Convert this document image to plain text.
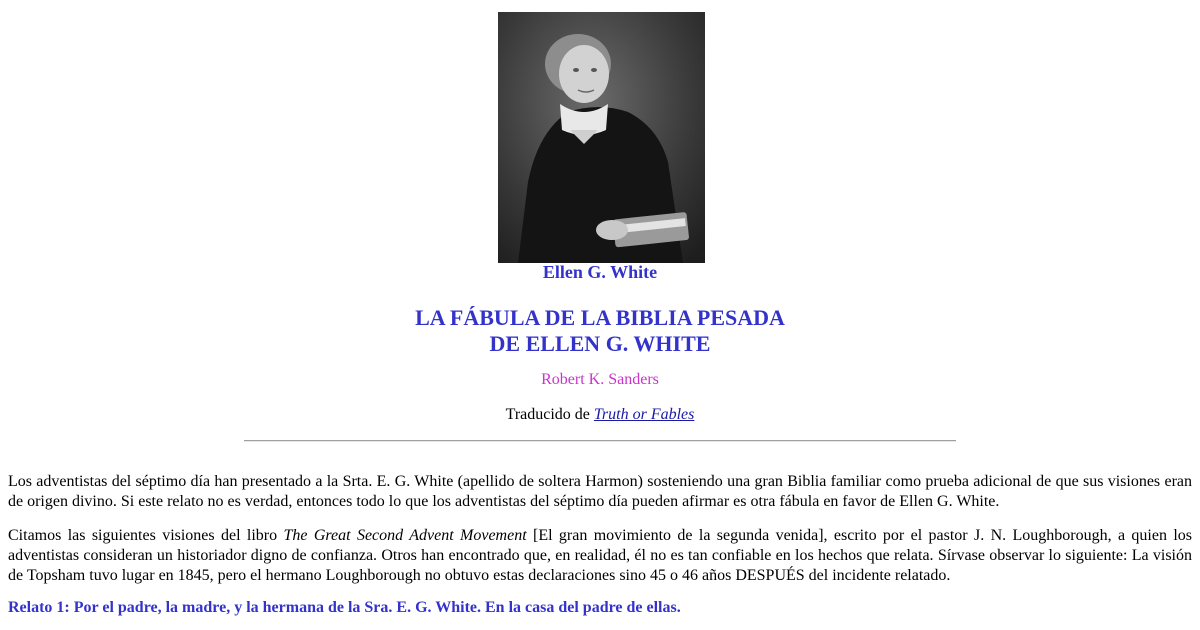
Ellen G. White
LA FÁBULA DE LA BIBLIA PESADA
DE ELLEN G. WHITE
Robert K. Sanders
Traducido de Truth or Fables
Los adventistas del séptimo día han presentado a la Srta. E. G. White (apellido de soltera Harmon) sosteniendo una gran Biblia familiar como prueba adicional de que sus visiones eran de origen divino. Si este relato no es verdad, entonces todo lo que los adventistas del séptimo día pueden afirmar es otra fábula en favor de Ellen G. White.
Citamos las siguientes visiones del libro The Great Second Advent Movement [El gran movimiento de la segunda venida], escrito por el pastor J. N. Loughborough, a quien los adventistas consideran un historiador digno de confianza. Otros han encontrado que, en realidad, él no es tan confiable en los hechos que relata. Sírvase observar lo siguiente: La visión de Topsham tuvo lugar en 1845, pero el hermano Loughborough no obtuvo estas declaraciones sino 45 o 46 años DESPUÉS del incidente relatado.
Relato 1: Por el padre, la madre, y la hermana de la Sra. E. G. White. En la casa del padre de ellas.
